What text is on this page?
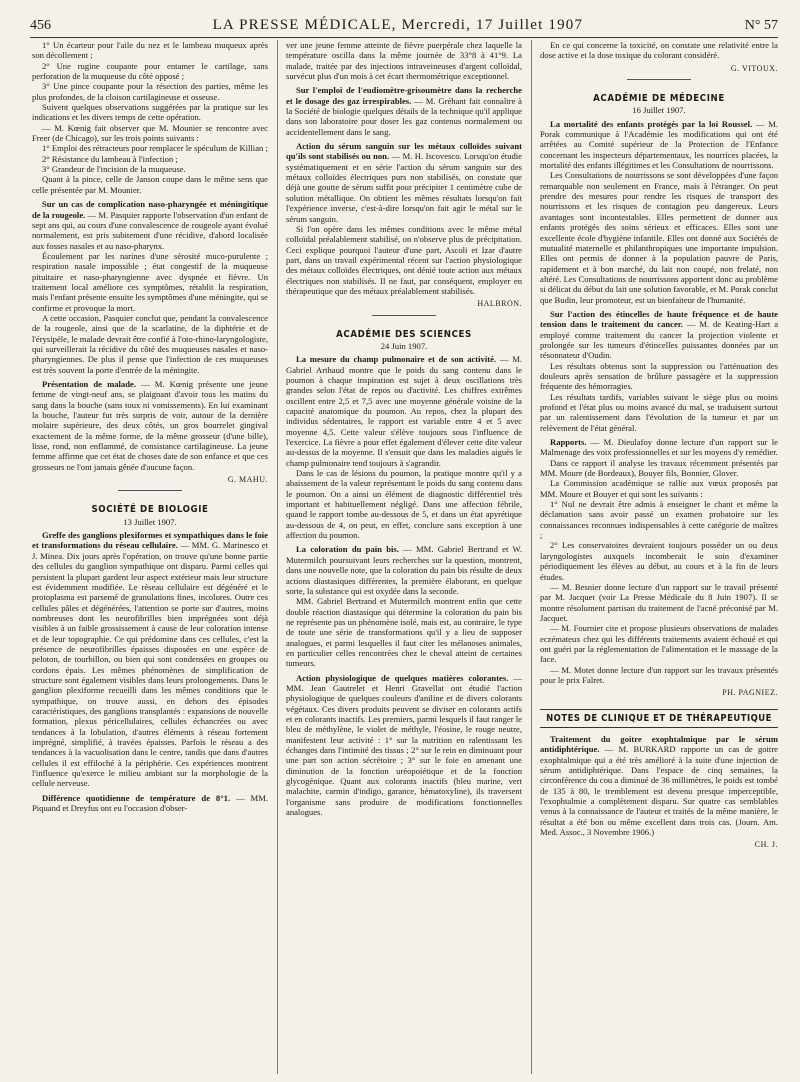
456	LA PRESSE MÉDICALE, Mercredi, 17 Juillet 1907	N° 57

1° Un écarteur pour l'aile du nez et le lambeau muqueux après son décollement ;

2° Une rugine coupante pour entamer le cartilage, sans perforation de la muqueuse du côté opposé ;

3° Une pince coupante pour la résection des parties, même les plus profondes, de la cloison cartilagineuse et osseuse.

Suivent quelques observations suggérées par la pratique sur les indications et les divers temps de cette opération.

— M. Kœnig fait observer que M. Mounier se rencontre avec Freer (de Chicago), sur les trois points suivants :

1° Emploi des rétracteurs pour remplacer le spéculum de Killian ;

2° Résistance du lambeau à l'infection ;

3° Grandeur de l'incision de la muqueuse.

Quant à la pince, celle de Janson coupe dans le même sens que celle présentée par M. Mounier.

Sur un cas de complication naso-pharyngée et méningitique de la rougeole. — M. Pasquier rapporte l'observation d'un enfant de sept ans qui, au cours d'une convalescence de rougeole ayant évolué normalement, est pris subitement d'une récidive, d'abord localisée aux fosses nasales et au naso-pharynx.

Écoulement par les narines d'une sérosité muco-purulente ; respiration nasale impossible ; état congestif de la muqueuse pituitaire et naso-pharyngienne avec dyspnée et fièvre. Un traitement local améliore ces symptômes, rétablit la respiration, mais l'enfant présente ensuite les symptômes d'une méningite, qui se confirme et provoque la mort.

A cette occasion, Pasquier conclut que, pendant la convalescence de la rougeole, ainsi que de la scarlatine, de la diphtérie et de l'érysipèle, le malade devrait être confié à l'oto-rhino-laryngologiste, qui surveillerait la récidive du côté des muqueuses nasales et naso-pharyngiennes. De plus il pense que l'infection de ces muqueuses est très souvent la porte d'entrée de la méningite.

Présentation de malade. — M. Kœnig présente une jeune femme de vingt-neuf ans, se plaignant d'avoir tous les matins du sang dans la bouche (sans toux ni vomissements). En lui examinant la bouche, l'auteur fut très surpris de voir, autour de la dernière molaire supérieure, des deux côtés, un gros bourrelet gingival exactement de la même forme, de la même grosseur (d'une bille), lisse, rond, non enflammé, de consistance cartilagineuse. La jeune femme affirme que cet état de choses date de son enfance et que ces grosseurs ne l'ont jamais gênée d'aucune façon.

G. MAHU.

SOCIÉTÉ DE BIOLOGIE
13 Juillet 1907.

Greffe des ganglions plexiformes et sympathiques dans le foie et transformations du réseau cellulaire. — MM. G. Marinesco et J. Minea. Dix jours après l'opération, on trouve qu'une bonne partie des cellules du ganglion sympathique ont disparu. Parmi celles qui persistent la plupart gardent leur aspect extérieur mais leur structure est évidemment modifiée. Le réseau cellulaire est dégénéré et le protoplasma est parsemé de granulations fines, incolores. Outre ces cellules pâles et dégénérées, l'attention se porte sur d'autres, moins nombreuses dont les neurofibrilles bien imprégnées sont déjà visibles à un faible grossissement à cause de leur coloration intense et de leur topographie. Ce qui prédomine dans ces cellules, c'est la présence de neurofibrilles épaisses disposées en une espèce de peloton, de tourbillon, ou bien qui sont condensées en groupes ou cordons épais. Les mêmes phénomènes de simplification de structure sont également visibles dans leurs prolongements. Dans le ganglion plexiforme recueilli dans les mêmes conditions que le sympathique, on trouve aussi, en dehors des épisodes caractéristiques, des ganglions transplantés : expansions de nouvelle formation, plexus péricellulaires, cellules échancrées ou avec tendances à la lobulation, d'autres éléments à réseau fortement imprégné, simplifié, à travées épaisses. Parfois le réseau a des tendances à la vacuolisation dans le centre, tandis que dans d'autres cellules il est effiloché à la périphérie. Ces expériences montrent l'influence qu'exerce le milieu ambiant sur la morphologie de la cellule nerveuse.

Différence quotidienne de température de 8°1. — MM. Piquand et Dreyfus ont eu l'occasion d'obser-

ver une jeune femme atteinte de fièvre puerpérale chez laquelle la température oscilla dans la même journée de 33°8 à 41°9. La malade, traitée par des injections intraveineuses d'argent colloïdal, survécut plus d'un mois à cet écart thermométrique exceptionnel.

Sur l'emploi de l'eudiomètre-grisoumètre dans la recherche et le dosage des gaz irrespirables. — M. Gréhant fait connaître à la Société de biologie quelques détails de la technique qu'il applique dans son laboratoire pour doser les gaz contenus normalement ou accidentellement dans le sang.

Action du sérum sanguin sur les métaux colloïdes suivant qu'ils sont stabilisés ou non. — M. H. Iscovesco. Lorsqu'on étudie systématiquement et en série l'action du sérum sanguin sur des métaux colloïdes électriques purs non stabilisés, on constate que déjà une goutte de sérum suffit pour précipiter 1 centimètre cube de solution métallique. On obtient les mêmes résultats lorsqu'on fait l'expérience inverse, c'est-à-dire lorsqu'on fait agir le métal sur le sérum sanguin.

Si l'on opère dans les mêmes conditions avec le même métal colloïdal préalablement stabilisé, on n'observe plus de précipitation. Ceci explique pourquoi l'auteur d'une part, Ascoli et Izar d'autre part, dans un travail expérimental récent sur l'action physiologique des métaux colloïdes électriques, ont dénié toute action aux métaux électriques non stabilisés. Il ne faut, par conséquent, employer en thérapeutique que des métaux préalablement stabilisés.

HALBRON.

ACADÉMIE DES SCIENCES
24 Juin 1907.

La mesure du champ pulmonaire et de son activité. — M. Gabriel Arthaud montre que le poids du sang contenu dans le poumon à chaque inspiration est sujet à deux oscillations très grandes selon l'état de repos ou d'activité. Les chiffres extrêmes oscillent entre 2,5 et 7,5 avec une moyenne générale voisine de la capacité anatomique du poumon. Au repos, chez la plupart des individus sédentaires, le rapport est variable entre 4 et 5 avec moyenne 4,5. Cette valeur s'élève toujours sous l'influence de l'exercice. La fièvre a pour effet également d'élever cette dite valeur au-dessus de la moyenne. Il s'ensuit que dans les maladies aiguës le champ pulmonaire tend toujours à s'agrandir.

Dans le cas de lésions du poumon, la pratique montre qu'il y a abaissement de la valeur représentant le poids du sang contenu dans le poumon. On a ainsi un élément de diagnostic différentiel très important et habituellement négligé. Dans une affection fébrile, quand le rapport tombe au-dessous de 5, et dans un état apyrétique au-dessous de 4, on peut, en effet, conclure sans exception à une affection du poumon.

La coloration du pain bis. — MM. Gabriel Bertrand et W. Mutermilch poursuivant leurs recherches sur la question, montrent, dans une nouvelle note, que la coloration du pain bis résulte de deux actions diastasiques différentes, la première élaborant, en quelque sorte, la substance qui est oxydée dans la seconde.

MM. Gabriel Bertrand et Mutermilch montrent enfin que cette double réaction diastasique qui détermine la coloration du pain bis ne représente pas un phénomène isolé, mais est, au contraire, le type de toute une série de transformations qu'il y a lieu de supposer analogues, et parmi lesquelles il faut citer les mélanoses animales, en particulier celles rencontrées chez le cheval atteint de certaines tumeurs.

Action physiologique de quelques matières colorantes. — MM. Jean Gautrelet et Henri Gravellat ont étudié l'action physiologique de quelques couleurs d'aniline et de divers colorants végétaux. Ces divers produits peuvent se diviser en colorants actifs et en colorants inactifs. Les premiers, parmi lesquels il faut ranger le bleu de méthylène, le violet de méthyle, l'éosine, le rouge neutre, manifestent leur activité : 1° sur la nutrition en ralentissant les échanges dans l'intimité des tissus ; 2° sur le rein en diminuant pour une part son action sécrétoire ; 3° sur le foie en amenant une diminution de la fonction uréopoiétique et de la fonction glycogénique. Quant aux colorants inactifs (bleu marine, vert malachite, carmin d'indigo, garance, hématoxyline), ils traversent l'organisme sans produire de modifications fonctionnelles analogues.

En ce qui concerne la toxicité, on constate une relativité entre la dose active et la dose toxique du colorant considéré.

G. VITOUX.

ACADÉMIE DE MÉDECINE
16 Juillet 1907.

La mortalité des enfants protégés par la loi Roussel. — M. Porak communique à l'Académie les modifications qui ont été arrêtées au Comité supérieur de la Protection de l'Enfance concernant les inspecteurs départementaux, les nourrices placées, la mortalité des enfants illégitimes et les Consultations de nourrissons.

Les Consultations de nourrissons se sont développées d'une façon remarquable non seulement en France, mais à l'étranger. On peut prendre des mesures pour rendre les risques de transport des nourrissons et les risques de contagion peu dangereux. Leurs avantages sont incontestables. Elles permettent de donner aux enfants protégés des soins sérieux et efficaces. Elles sont une excellente école d'hygiène infantile. Elles ont donné aux Sociétés de mutualité maternelle et philanthropiques une importante impulsion. Elles ont permis de donner à la population pauvre de Paris, rapidement et à bon marché, du lait non coupé, non frelaté, non altéré. Les Consultations de nourrissons apportent donc au problème si délicat du début du lait une solution favorable, et M. Porak conclut que Budin, leur promoteur, est un bienfaiteur de l'humanité.

Sur l'action des étincelles de haute fréquence et de haute tension dans le traitement du cancer. — M. de Keating-Hart a employé comme traitement du cancer la projection violente et prolongée sur les tumeurs d'étincelles puissantes données par un résonnateur d'Oudin.

Les résultats obtenus sont la suppression ou l'atténuation des douleurs après sensation de brûlure passagère et la suppression fréquente des hémorragies.

Les résultats tardifs, variables suivant le siège plus ou moins profond et l'état plus ou moins avancé du mal, se traduisent surtout par un ralentissement dans l'évolution de la tumeur et par un relèvement de l'état général.

Rapports. — M. Dieulafoy donne lecture d'un rapport sur le Malmenage des voix professionnelles et sur les moyens d'y remédier.

Dans ce rapport il analyse les travaux récemment présentés par MM. Moure (de Bordeaux), Bouyer fils, Bonnier, Glover.

La Commission académique se rallie aux vœux proposés par MM. Moure et Bouyer et qui sont les suivants :

1° Nul ne devrait être admis à enseigner le chant et même la déclamation sans avoir passé un examen probatoire sur les connaissances reconnues indispensables à cette catégorie de maîtres ;

2° Les conservatoires devraient toujours posséder un ou deux laryngologistes auxquels incomberait le soin d'examiner périodiquement les élèves au début, au cours et à la fin de leurs études.

— M. Besnier donne lecture d'un rapport sur le travail présenté par M. Jacquet (voir La Presse Médicale du 8 Juin 1907). Il se montre résolument partisan du traitement de l'acné préconisé par M. Jacquet.

— M. Fournier cite et propose plusieurs observations de malades eczémateux chez qui les différents traitements avaient échoué et qui ont guéri par la réglementation de l'alimentation et le massage de la face.

— M. Motet donne lecture d'un rapport sur les travaux présentés pour le prix Falret.

PH. PAGNIEZ.

NOTES DE CLINIQUE ET DE THÉRAPEUTIQUE

Traitement du goitre exophtalmique par le sérum antidiphtérique. — M. BURKARD rapporte un cas de goitre exophtalmique qui a été très amélioré à la suite d'une injection de sérum antidiphtérique. Dans l'espace de cinq semaines, la circonférence du cou a diminué de 36 millimètres, le poids est tombé de 135 à 80, le tremblement est devenu presque imperceptible, l'exophtalmie a complètement disparu. Sur quatre cas semblables venus à la connaissance de l'auteur et traités de la même manière, le résultat a été bon ou même excellent dans trois cas. (Journ. Am. Med. Assoc., 3 Novembre 1906.)

CH. J.
